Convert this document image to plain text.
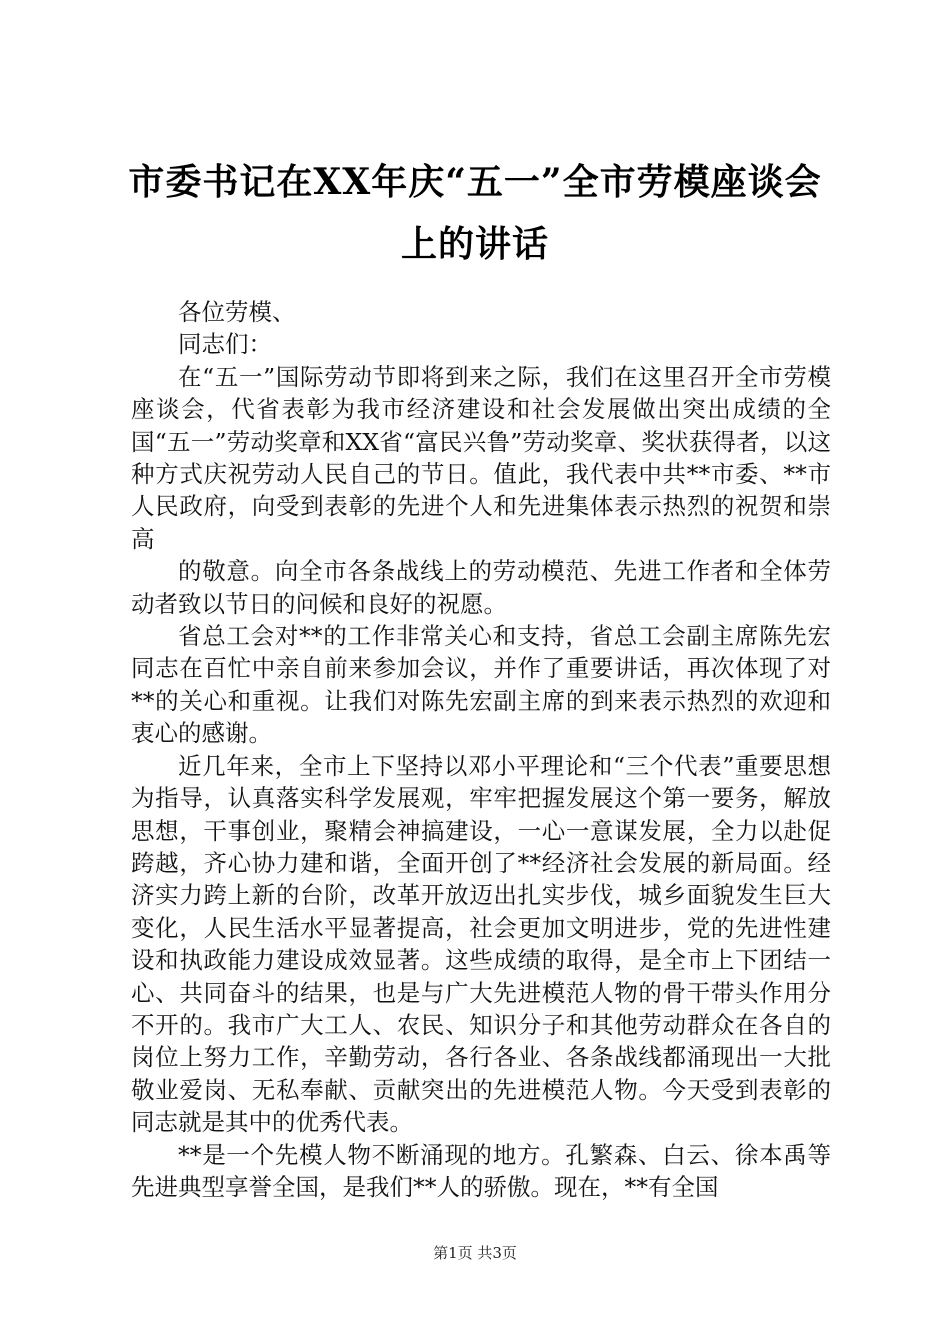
市委书记在XX年庆“五一”全市劳模座谈会
上的讲话

各位劳模、

同志们：

在“五一”国际劳动节即将到来之际，我们在这里召开全市劳模座谈会，代省表彰为我市经济建设和社会发展做出突出成绩的全国“五一”劳动奖章和XX省“富民兴鲁”劳动奖章、奖状获得者，以这种方式庆祝劳动人民自己的节日。值此，我代表中共**市委、**市人民政府，向受到表彰的先进个人和先进集体表示热烈的祝贺和崇高

的敬意。向全市各条战线上的劳动模范、先进工作者和全体劳动者致以节日的问候和良好的祝愿。

省总工会对**的工作非常关心和支持，省总工会副主席陈先宏同志在百忙中亲自前来参加会议，并作了重要讲话，再次体现了对**的关心和重视。让我们对陈先宏副主席的到来表示热烈的欢迎和衷心的感谢。

近几年来，全市上下坚持以邓小平理论和“三个代表”重要思想为指导，认真落实科学发展观，牢牢把握发展这个第一要务，解放思想，干事创业，聚精会神搞建设，一心一意谋发展，全力以赴促跨越，齐心协力建和谐，全面开创了**经济社会发展的新局面。经济实力跨上新的台阶，改革开放迈出扎实步伐，城乡面貌发生巨大变化，人民生活水平显著提高，社会更加文明进步，党的先进性建设和执政能力建设成效显著。这些成绩的取得，是全市上下团结一心、共同奋斗的结果，也是与广大先进模范人物的骨干带头作用分不开的。我市广大工人、农民、知识分子和其他劳动群众在各自的岗位上努力工作，辛勤劳动，各行各业、各条战线都涌现出一大批敬业爱岗、无私奉献、贡献突出的先进模范人物。今天受到表彰的同志就是其中的优秀代表。

**是一个先模人物不断涌现的地方。孔繁森、白云、徐本禹等先进典型享誉全国，是我们**人的骄傲。现在，**有全国

第1页 共3页
